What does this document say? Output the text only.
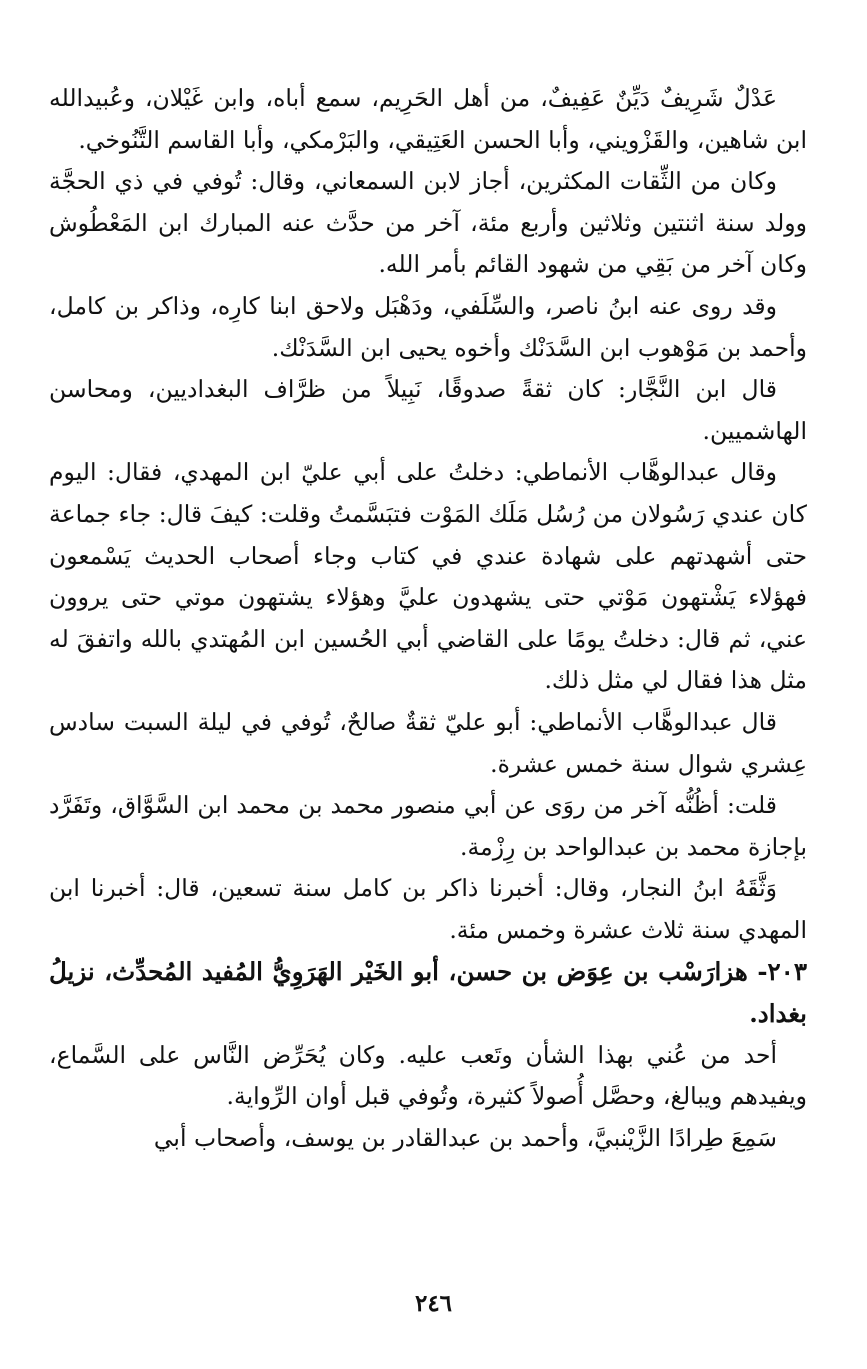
عَدْلٌ شَرِيفٌ دَيِّنٌ عَفِيفٌ، من أهل الحَرِيم، سمع أباه، وابن غَيْلان، وعُبيدالله ابن شاهين، والقَزْويني، وأبا الحسن العَتِيقي، والبَرْمكي، وأبا القاسم التَّنُوخي.

وكان من الثِّقات المكثرين، أجاز لابن السمعاني، وقال: تُوفي في ذي الحجَّة وولد سنة اثنتين وثلاثين وأربع مئة، آخر من حدَّث عنه المبارك ابن المَعْطُوش وكان آخر من بَقِي من شهود القائم بأمر الله.

وقد روى عنه ابنُ ناصر، والسِّلَفي، ودَهْبَل ولاحق ابنا كارِه، وذاكر بن كامل، وأحمد بن مَوْهوب ابن السَّدَنْك وأخوه يحيى ابن السَّدَنْك.

قال ابن النَّجَّار: كان ثقةً صدوقًا، نَبِيلاً من ظرَّاف البغداديين، ومحاسن الهاشميين.

وقال عبدالوهَّاب الأنماطي: دخلتُ على أبي عليّ ابن المهدي، فقال: اليوم كان عندي رَسُولان من رُسُل مَلَك المَوْت فتبَسَّمتُ وقلت: كيفَ قال: جاء جماعة حتى أشهدتهم على شهادة عندي في كتاب وجاء أصحاب الحديث يَسْمعون فهؤلاء يَشْتهون مَوْتي حتى يشهدون عليَّ وهؤلاء يشتهون موتي حتى يروون عني، ثم قال: دخلتُ يومًا على القاضي أبي الحُسين ابن المُهتدي بالله واتفقَ له مثل هذا فقال لي مثل ذلك.

قال عبدالوهَّاب الأنماطي: أبو عليّ ثقةٌ صالحٌ، تُوفي في ليلة السبت سادس عِشري شوال سنة خمس عشرة.

قلت: أظُنُّه آخر من روَى عن أبي منصور محمد بن محمد ابن السَّوَّاق، وتَفَرَّد بإجازة محمد بن عبدالواحد بن رِزْمة.

وَثَّقَهُ ابنُ النجار، وقال: أخبرنا ذاكر بن كامل سنة تسعين، قال: أخبرنا ابن المهدي سنة ثلاث عشرة وخمس مئة.

٢٠٣- هزارَسْب بن عِوَض بن حسن، أبو الخَيْر الهَرَوِيُّ المُفيد المُحدِّث، نزيلُ بغداد.

أحد من عُني بهذا الشأن وتَعب عليه. وكان يُحَرِّض النَّاس على السَّماع، ويفيدهم ويبالغ، وحصَّل أُصولاً كثيرة، وتُوفي قبل أوان الرِّواية.

سَمِعَ طِرادًا الزَّيْنبيَّ، وأحمد بن عبدالقادر بن يوسف، وأصحاب أبي

٢٤٦
